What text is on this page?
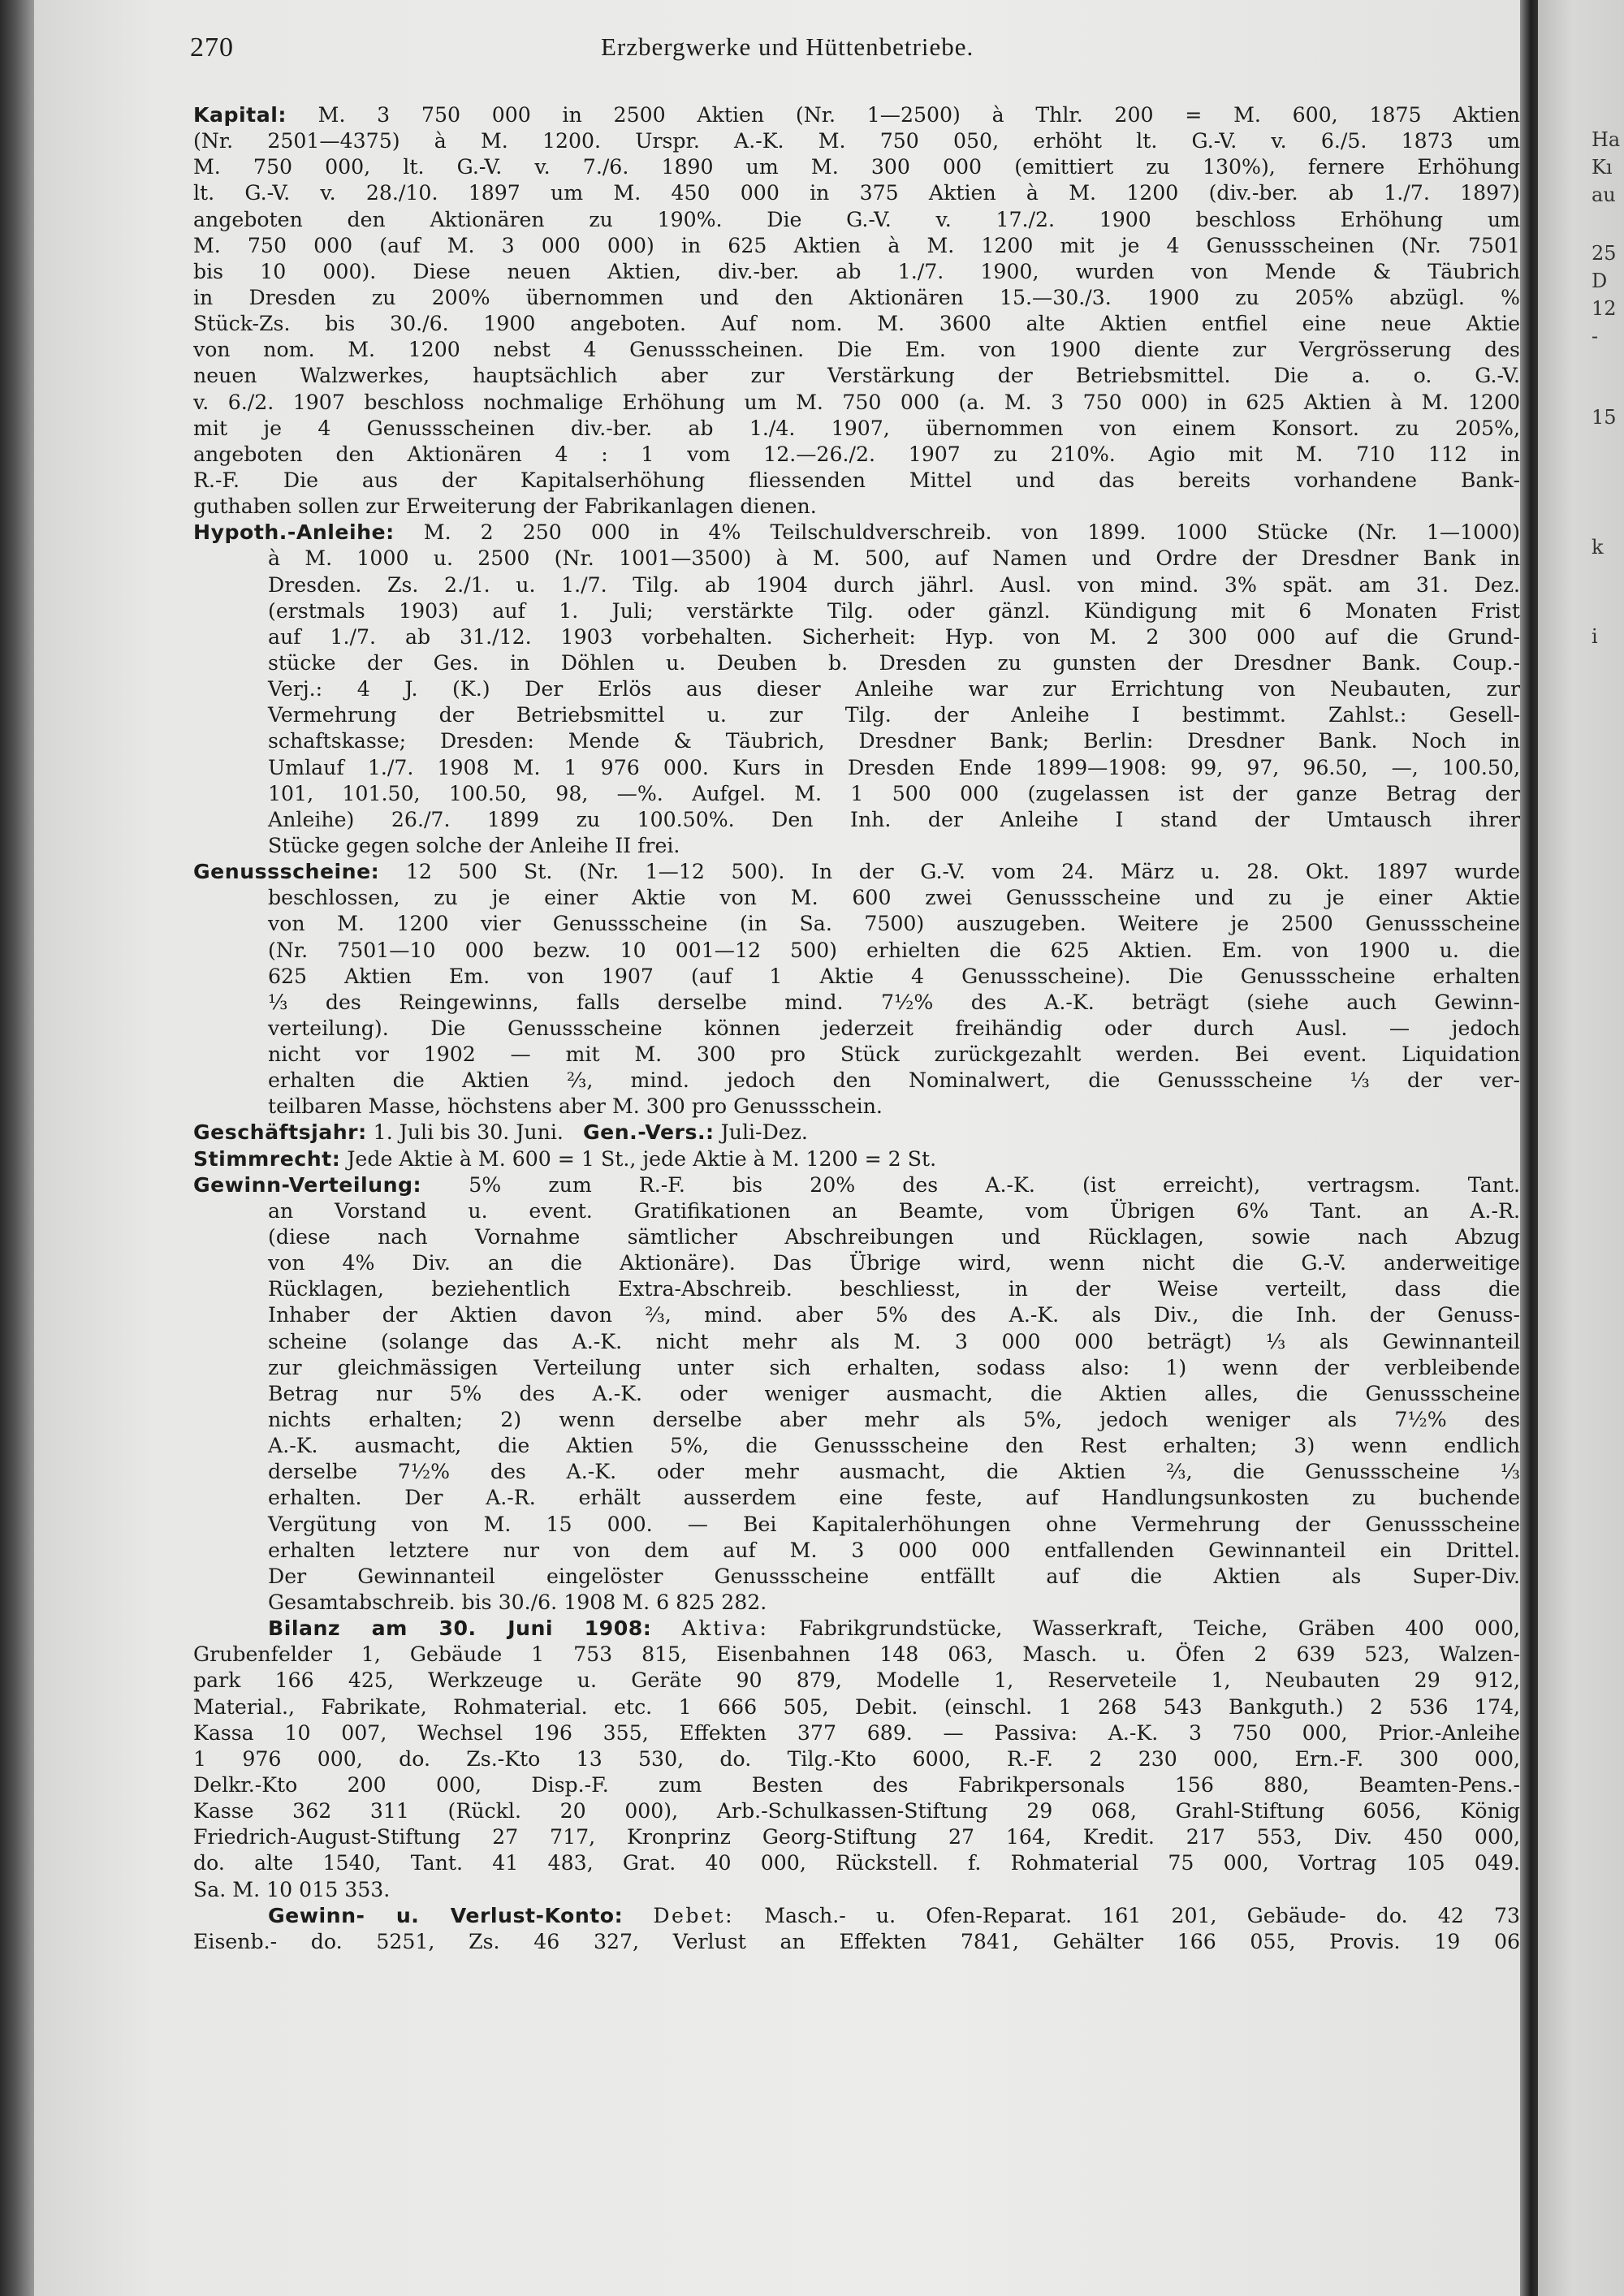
Ha
Kı
au
25
D
12
-
15
k
i
270	Erzbergwerke und Hüttenbetriebe.
Kapital: M. 3 750 000 in 2500 Aktien (Nr. 1—2500) à Thlr. 200 = M. 600, 1875 Aktien
(Nr. 2501—4375) à M. 1200. Urspr. A.-K. M. 750 050, erhöht lt. G.-V. v. 6./5. 1873 um
M. 750 000, lt. G.-V. v. 7./6. 1890 um M. 300 000 (emittiert zu 130%), fernere Erhöhung
lt. G.-V. v. 28./10. 1897 um M. 450 000 in 375 Aktien à M. 1200 (div.-ber. ab 1./7. 1897)
angeboten den Aktionären zu 190%. Die G.-V. v. 17./2. 1900 beschloss Erhöhung um
M. 750 000 (auf M. 3 000 000) in 625 Aktien à M. 1200 mit je 4 Genussscheinen (Nr. 7501
bis 10 000). Diese neuen Aktien, div.-ber. ab 1./7. 1900, wurden von Mende & Täubrich
in Dresden zu 200% übernommen und den Aktionären 15.—30./3. 1900 zu 205% abzügl. %
Stück-Zs. bis 30./6. 1900 angeboten. Auf nom. M. 3600 alte Aktien entfiel eine neue Aktie
von nom. M. 1200 nebst 4 Genussscheinen. Die Em. von 1900 diente zur Vergrösserung des
neuen Walzwerkes, hauptsächlich aber zur Verstärkung der Betriebsmittel. Die a. o. G.-V.
v. 6./2. 1907 beschloss nochmalige Erhöhung um M. 750 000 (a. M. 3 750 000) in 625 Aktien à M. 1200
mit je 4 Genussscheinen div.-ber. ab 1./4. 1907, übernommen von einem Konsort. zu 205%,
angeboten den Aktionären 4 : 1 vom 12.—26./2. 1907 zu 210%. Agio mit M. 710 112 in
R.-F. Die aus der Kapitalserhöhung fliessenden Mittel und das bereits vorhandene Bank-
guthaben sollen zur Erweiterung der Fabrikanlagen dienen.
Hypoth.-Anleihe: M. 2 250 000 in 4% Teilschuldverschreib. von 1899. 1000 Stücke (Nr. 1—1000)
à M. 1000 u. 2500 (Nr. 1001—3500) à M. 500, auf Namen und Ordre der Dresdner Bank in
Dresden. Zs. 2./1. u. 1./7. Tilg. ab 1904 durch jährl. Ausl. von mind. 3% spät. am 31. Dez.
(erstmals 1903) auf 1. Juli; verstärkte Tilg. oder gänzl. Kündigung mit 6 Monaten Frist
auf 1./7. ab 31./12. 1903 vorbehalten. Sicherheit: Hyp. von M. 2 300 000 auf die Grund-
stücke der Ges. in Döhlen u. Deuben b. Dresden zu gunsten der Dresdner Bank. Coup.-
Verj.: 4 J. (K.) Der Erlös aus dieser Anleihe war zur Errichtung von Neubauten, zur
Vermehrung der Betriebsmittel u. zur Tilg. der Anleihe I bestimmt. Zahlst.: Gesell-
schaftskasse; Dresden: Mende & Täubrich, Dresdner Bank; Berlin: Dresdner Bank. Noch in
Umlauf 1./7. 1908 M. 1 976 000. Kurs in Dresden Ende 1899—1908: 99, 97, 96.50, —, 100.50,
101, 101.50, 100.50, 98, —%. Aufgel. M. 1 500 000 (zugelassen ist der ganze Betrag der
Anleihe) 26./7. 1899 zu 100.50%. Den Inh. der Anleihe I stand der Umtausch ihrer
Stücke gegen solche der Anleihe II frei.
Genussscheine: 12 500 St. (Nr. 1—12 500). In der G.-V. vom 24. März u. 28. Okt. 1897 wurde
beschlossen, zu je einer Aktie von M. 600 zwei Genussscheine und zu je einer Aktie
von M. 1200 vier Genussscheine (in Sa. 7500) auszugeben. Weitere je 2500 Genussscheine
(Nr. 7501—10 000 bezw. 10 001—12 500) erhielten die 625 Aktien. Em. von 1900 u. die
625 Aktien Em. von 1907 (auf 1 Aktie 4 Genussscheine). Die Genussscheine erhalten
⅓ des Reingewinns, falls derselbe mind. 7½% des A.-K. beträgt (siehe auch Gewinn-
verteilung). Die Genussscheine können jederzeit freihändig oder durch Ausl. — jedoch
nicht vor 1902 — mit M. 300 pro Stück zurückgezahlt werden. Bei event. Liquidation
erhalten die Aktien ⅔, mind. jedoch den Nominalwert, die Genussscheine ⅓ der ver-
teilbaren Masse, höchstens aber M. 300 pro Genussschein.
Geschäftsjahr: 1. Juli bis 30. Juni. Gen.-Vers.: Juli-Dez.
Stimmrecht: Jede Aktie à M. 600 = 1 St., jede Aktie à M. 1200 = 2 St.
Gewinn-Verteilung: 5% zum R.-F. bis 20% des A.-K. (ist erreicht), vertragsm. Tant.
an Vorstand u. event. Gratifikationen an Beamte, vom Übrigen 6% Tant. an A.-R.
(diese nach Vornahme sämtlicher Abschreibungen und Rücklagen, sowie nach Abzug
von 4% Div. an die Aktionäre). Das Übrige wird, wenn nicht die G.-V. anderweitige
Rücklagen, beziehentlich Extra-Abschreib. beschliesst, in der Weise verteilt, dass die
Inhaber der Aktien davon ⅔, mind. aber 5% des A.-K. als Div., die Inh. der Genuss-
scheine (solange das A.-K. nicht mehr als M. 3 000 000 beträgt) ⅓ als Gewinnanteil
zur gleichmässigen Verteilung unter sich erhalten, sodass also: 1) wenn der verbleibende
Betrag nur 5% des A.-K. oder weniger ausmacht, die Aktien alles, die Genussscheine
nichts erhalten; 2) wenn derselbe aber mehr als 5%, jedoch weniger als 7½% des
A.-K. ausmacht, die Aktien 5%, die Genussscheine den Rest erhalten; 3) wenn endlich
derselbe 7½% des A.-K. oder mehr ausmacht, die Aktien ⅔, die Genussscheine ⅓
erhalten. Der A.-R. erhält ausserdem eine feste, auf Handlungsunkosten zu buchende
Vergütung von M. 15 000. — Bei Kapitalerhöhungen ohne Vermehrung der Genussscheine
erhalten letztere nur von dem auf M. 3 000 000 entfallenden Gewinnanteil ein Drittel.
Der Gewinnanteil eingelöster Genussscheine entfällt auf die Aktien als Super-Div.
Gesamtabschreib. bis 30./6. 1908 M. 6 825 282.
Bilanz am 30. Juni 1908: Aktiva: Fabrikgrundstücke, Wasserkraft, Teiche, Gräben 400 000,
Grubenfelder 1, Gebäude 1 753 815, Eisenbahnen 148 063, Masch. u. Öfen 2 639 523, Walzen-
park 166 425, Werkzeuge u. Geräte 90 879, Modelle 1, Reserveteile 1, Neubauten 29 912,
Material., Fabrikate, Rohmaterial. etc. 1 666 505, Debit. (einschl. 1 268 543 Bankguth.) 2 536 174,
Kassa 10 007, Wechsel 196 355, Effekten 377 689. — Passiva: A.-K. 3 750 000, Prior.-Anleihe
1 976 000, do. Zs.-Kto 13 530, do. Tilg.-Kto 6000, R.-F. 2 230 000, Ern.-F. 300 000,
Delkr.-Kto 200 000, Disp.-F. zum Besten des Fabrikpersonals 156 880, Beamten-Pens.-
Kasse 362 311 (Rückl. 20 000), Arb.-Schulkassen-Stiftung 29 068, Grahl-Stiftung 6056, König
Friedrich-August-Stiftung 27 717, Kronprinz Georg-Stiftung 27 164, Kredit. 217 553, Div. 450 000,
do. alte 1540, Tant. 41 483, Grat. 40 000, Rückstell. f. Rohmaterial 75 000, Vortrag 105 049.
Sa. M. 10 015 353.
Gewinn- u. Verlust-Konto: Debet: Masch.- u. Ofen-Reparat. 161 201, Gebäude- do. 42 73
Eisenb.- do. 5251, Zs. 46 327, Verlust an Effekten 7841, Gehälter 166 055, Provis. 19 06
